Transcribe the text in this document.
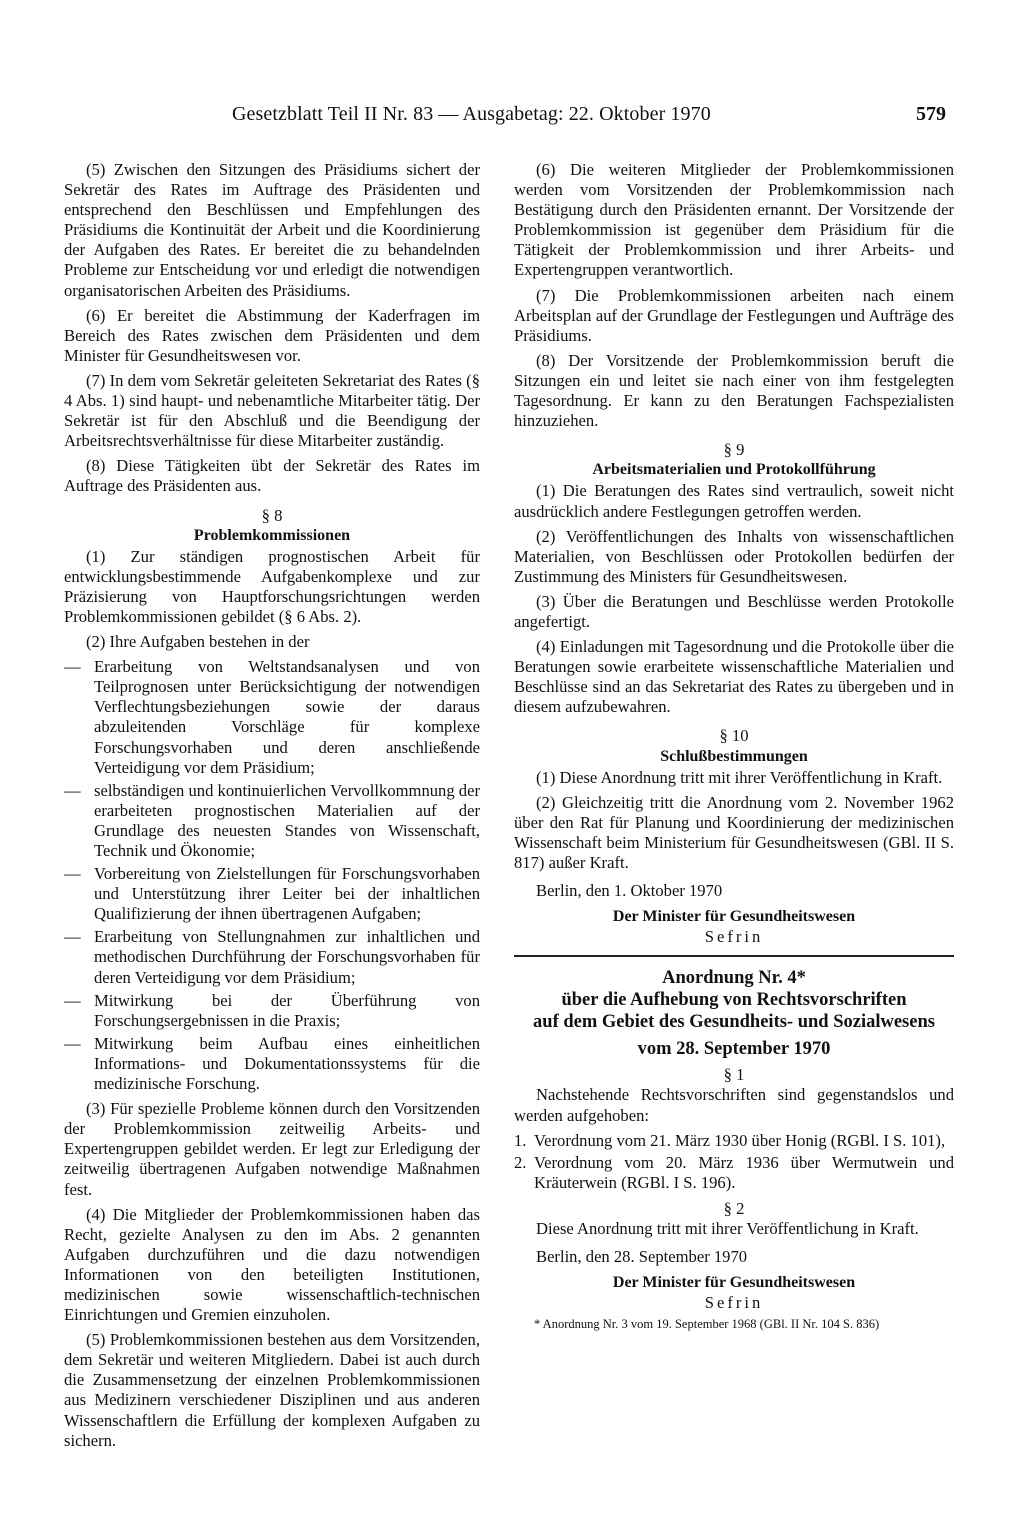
Gesetzblatt Teil II Nr. 83 — Ausgabetag: 22. Oktober 1970	579

(5) Zwischen den Sitzungen des Präsidiums sichert der Sekretär des Rates im Auftrage des Präsidenten und entsprechend den Beschlüssen und Empfehlungen des Präsidiums die Kontinuität der Arbeit und die Koordinierung der Aufgaben des Rates. Er bereitet die zu behandelnden Probleme zur Entscheidung vor und erledigt die notwendigen organisatorischen Arbeiten des Präsidiums.

(6) Er bereitet die Abstimmung der Kaderfragen im Bereich des Rates zwischen dem Präsidenten und dem Minister für Gesundheitswesen vor.

(7) In dem vom Sekretär geleiteten Sekretariat des Rates (§ 4 Abs. 1) sind haupt- und nebenamtliche Mitarbeiter tätig. Der Sekretär ist für den Abschluß und die Beendigung der Arbeitsrechtsverhältnisse für diese Mitarbeiter zuständig.

(8) Diese Tätigkeiten übt der Sekretär des Rates im Auftrage des Präsidenten aus.

§ 8

Problemkommissionen

(1) Zur ständigen prognostischen Arbeit für entwicklungsbestimmende Aufgabenkomplexe und zur Präzisierung von Hauptforschungsrichtungen werden Problemkommissionen gebildet (§ 6 Abs. 2).

(2) Ihre Aufgaben bestehen in der

— Erarbeitung von Weltstandsanalysen und von Teilprognosen unter Berücksichtigung der notwendigen Verflechtungsbeziehungen sowie der daraus abzuleitenden Vorschläge für komplexe Forschungsvorhaben und deren anschließende Verteidigung vor dem Präsidium;
— selbständigen und kontinuierlichen Vervollkommnung der erarbeiteten prognostischen Materialien auf der Grundlage des neuesten Standes von Wissenschaft, Technik und Ökonomie;
— Vorbereitung von Zielstellungen für Forschungsvorhaben und Unterstützung ihrer Leiter bei der inhaltlichen Qualifizierung der ihnen übertragenen Aufgaben;
— Erarbeitung von Stellungnahmen zur inhaltlichen und methodischen Durchführung der Forschungsvorhaben für deren Verteidigung vor dem Präsidium;
— Mitwirkung bei der Überführung von Forschungsergebnissen in die Praxis;
— Mitwirkung beim Aufbau eines einheitlichen Informations- und Dokumentationssystems für die medizinische Forschung.

(3) Für spezielle Probleme können durch den Vorsitzenden der Problemkommission zeitweilig Arbeits- und Expertengruppen gebildet werden. Er legt zur Erledigung der zeitweilig übertragenen Aufgaben notwendige Maßnahmen fest.

(4) Die Mitglieder der Problemkommissionen haben das Recht, gezielte Analysen zu den im Abs. 2 genannten Aufgaben durchzuführen und die dazu notwendigen Informationen von den beteiligten Institutionen, medizinischen sowie wissenschaftlich-technischen Einrichtungen und Gremien einzuholen.

(5) Problemkommissionen bestehen aus dem Vorsitzenden, dem Sekretär und weiteren Mitgliedern. Dabei ist auch durch die Zusammensetzung der einzelnen Problemkommissionen aus Medizinern verschiedener Disziplinen und aus anderen Wissenschaftlern die Erfüllung der komplexen Aufgaben zu sichern.

(6) Die weiteren Mitglieder der Problemkommissionen werden vom Vorsitzenden der Problemkommission nach Bestätigung durch den Präsidenten ernannt. Der Vorsitzende der Problemkommission ist gegenüber dem Präsidium für die Tätigkeit der Problemkommission und ihrer Arbeits- und Expertengruppen verantwortlich.

(7) Die Problemkommissionen arbeiten nach einem Arbeitsplan auf der Grundlage der Festlegungen und Aufträge des Präsidiums.

(8) Der Vorsitzende der Problemkommission beruft die Sitzungen ein und leitet sie nach einer von ihm festgelegten Tagesordnung. Er kann zu den Beratungen Fachspezialisten hinzuziehen.

§ 9

Arbeitsmaterialien und Protokollführung

(1) Die Beratungen des Rates sind vertraulich, soweit nicht ausdrücklich andere Festlegungen getroffen werden.

(2) Veröffentlichungen des Inhalts von wissenschaftlichen Materialien, von Beschlüssen oder Protokollen bedürfen der Zustimmung des Ministers für Gesundheitswesen.

(3) Über die Beratungen und Beschlüsse werden Protokolle angefertigt.

(4) Einladungen mit Tagesordnung und die Protokolle über die Beratungen sowie erarbeitete wissenschaftliche Materialien und Beschlüsse sind an das Sekretariat des Rates zu übergeben und in diesem aufzubewahren.

§ 10

Schlußbestimmungen

(1) Diese Anordnung tritt mit ihrer Veröffentlichung in Kraft.

(2) Gleichzeitig tritt die Anordnung vom 2. November 1962 über den Rat für Planung und Koordinierung der medizinischen Wissenschaft beim Ministerium für Gesundheitswesen (GBl. II S. 817) außer Kraft.

Berlin, den 1. Oktober 1970

Der Minister für Gesundheitswesen

Sefrin

Anordnung Nr. 4*

über die Aufhebung von Rechtsvorschriften

auf dem Gebiet des Gesundheits- und Sozialwesens

vom 28. September 1970

§ 1

Nachstehende Rechtsvorschriften sind gegenstandslos und werden aufgehoben:

1. Verordnung vom 21. März 1930 über Honig (RGBl. I S. 101),
2. Verordnung vom 20. März 1936 über Wermutwein und Kräuterwein (RGBl. I S. 196).

§ 2

Diese Anordnung tritt mit ihrer Veröffentlichung in Kraft.

Berlin, den 28. September 1970

Der Minister für Gesundheitswesen

Sefrin

* Anordnung Nr. 3 vom 19. September 1968 (GBl. II Nr. 104 S. 836)
